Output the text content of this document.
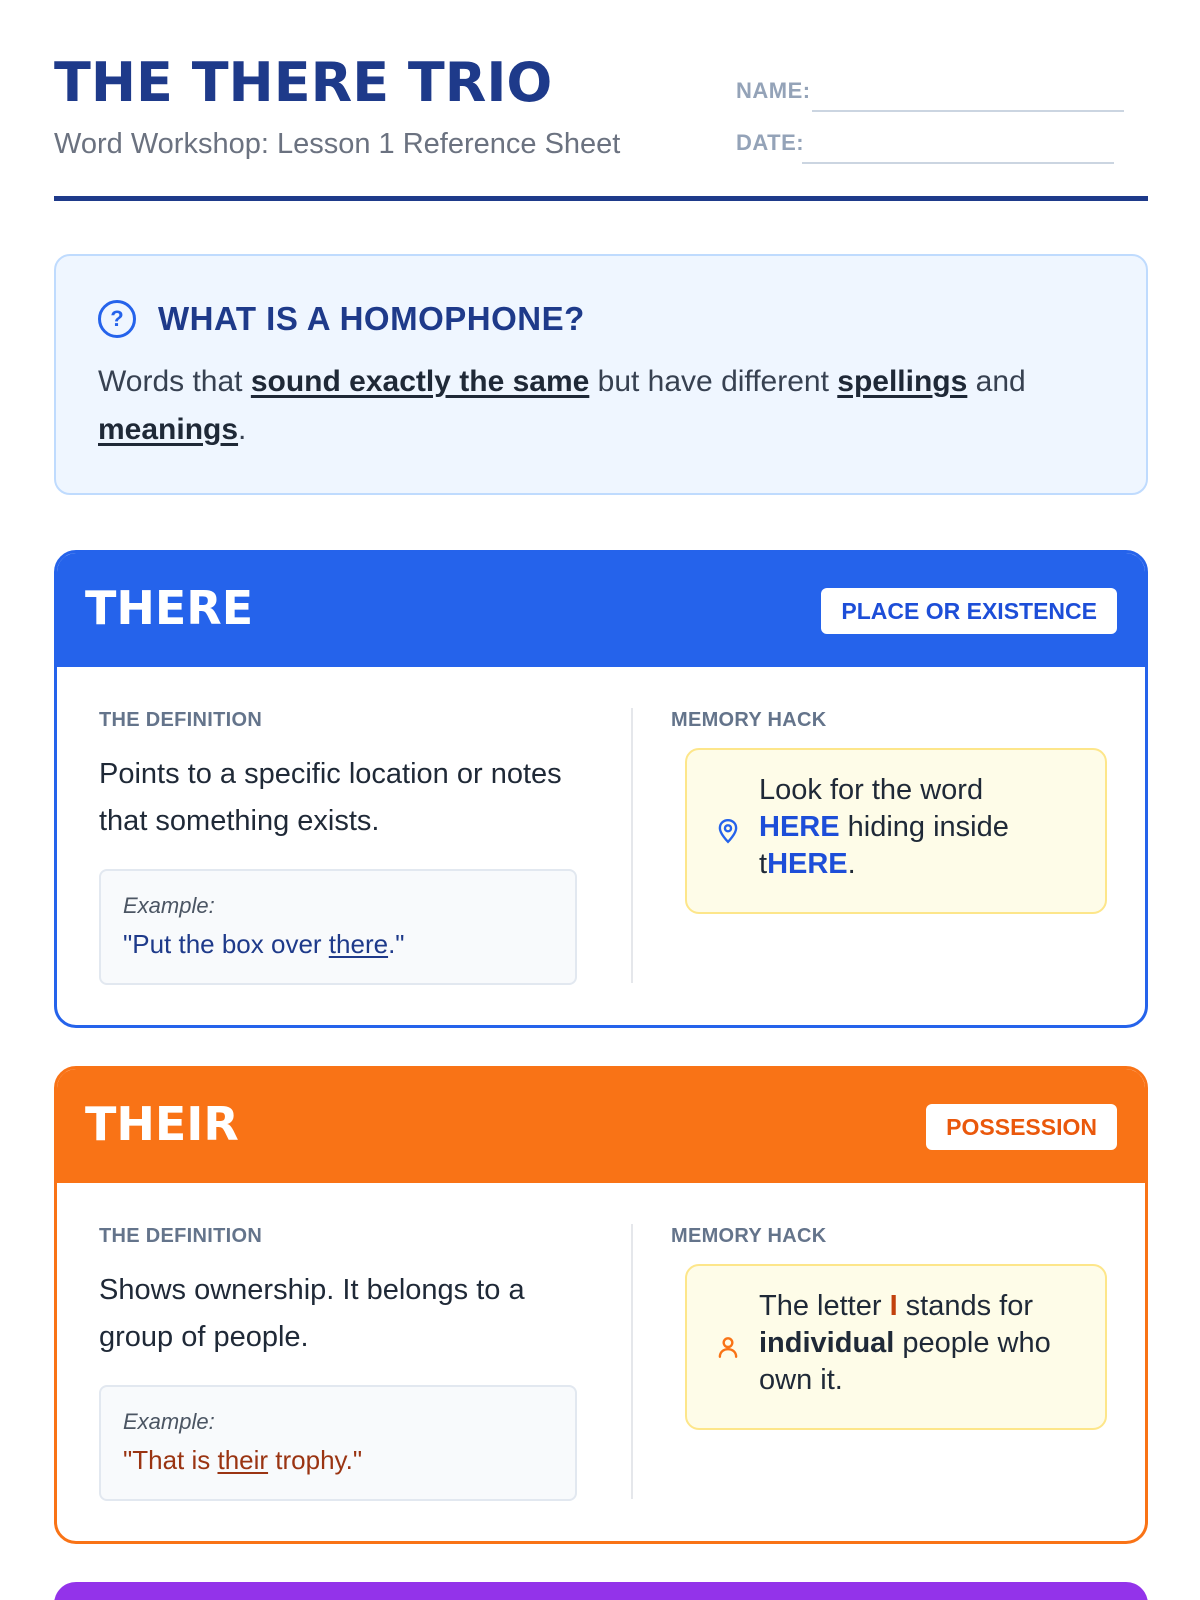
THE THERE TRIO
Word Workshop: Lesson 1 Reference Sheet
NAME:
DATE:
?	WHAT IS A HOMOPHONE?
Words that sound exactly the same but have different spellings and meanings.
THERE	PLACE OR EXISTENCE
THE DEFINITION
Points to a specific location or notes that something exists.
Example:
"Put the box over there."
MEMORY HACK
Look for the word
HERE hiding inside
tHERE.
THEIR	POSSESSION
THE DEFINITION
Shows ownership. It belongs to a group of people.
Example:
"That is their trophy."
MEMORY HACK
The letter I stands for
individual people who own it.
